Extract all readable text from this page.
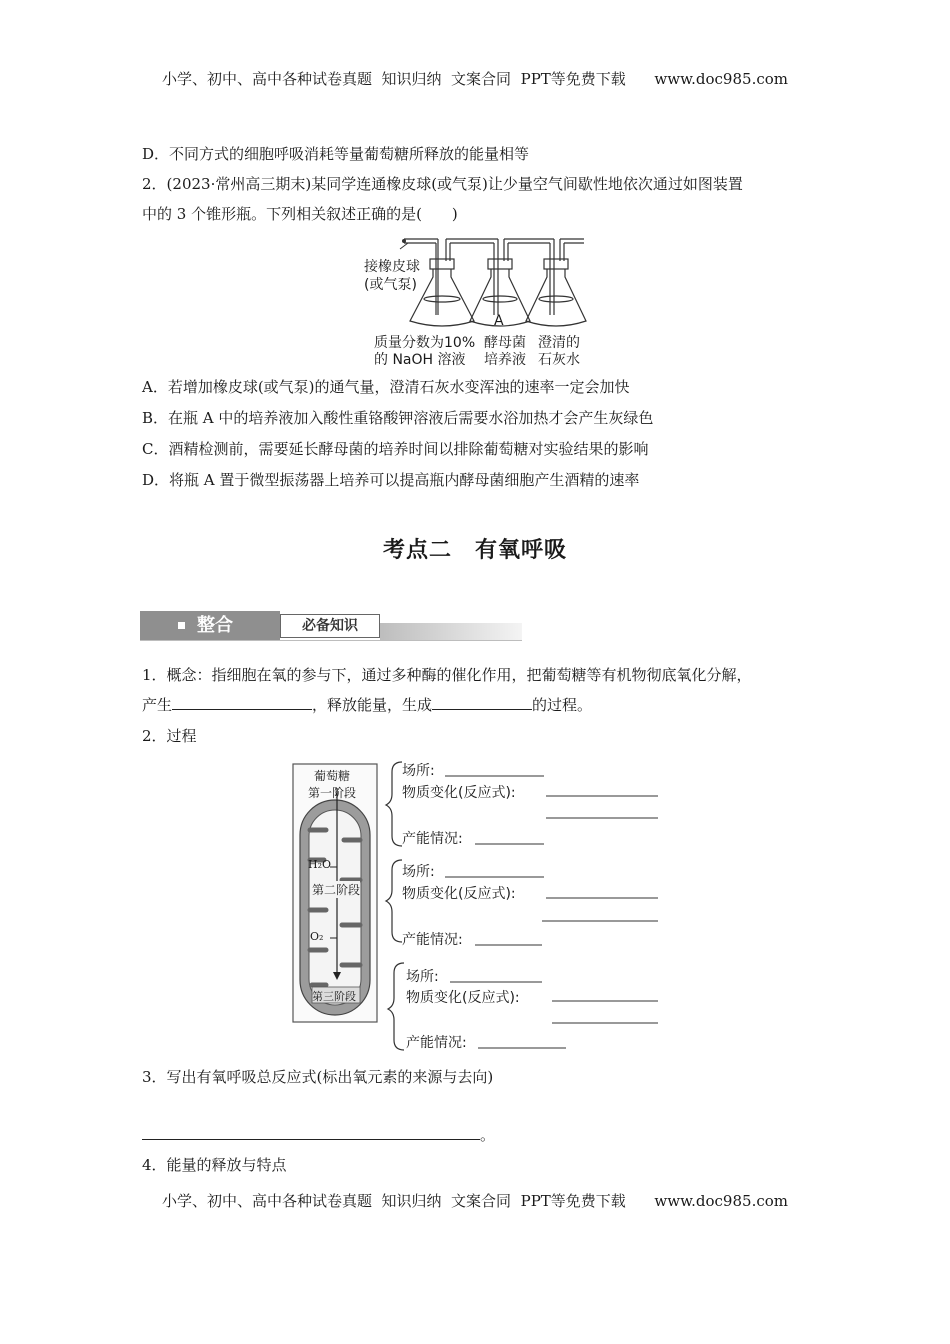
小学、初中、高中各种试卷真题  知识归纳  文案合同  PPT等免费下载      www.doc985.com
D．不同方式的细胞呼吸消耗等量葡萄糖所释放的能量相等
2．(2023·常州高三期末)某同学连通橡皮球(或气泵)让少量空气间歇性地依次通过如图装置
中的 3 个锥形瓶。下列相关叙述正确的是(　　)
接橡皮球
(或气泵)
A
质量分数为10%
的 NaOH 溶液
酵母菌
培养液
澄清的
石灰水
A．若增加橡皮球(或气泵)的通气量，澄清石灰水变浑浊的速率一定会加快
B．在瓶 A 中的培养液加入酸性重铬酸钾溶液后需要水浴加热才会产生灰绿色
C．酒精检测前，需要延长酵母菌的培养时间以排除葡萄糖对实验结果的影响
D．将瓶 A 置于微型振荡器上培养可以提高瓶内酵母菌细胞产生酒精的速率
考点二　有氧呼吸
整合	必备知识
1．概念：指细胞在氧的参与下，通过多种酶的催化作用，把葡萄糖等有机物彻底氧化分解，
产生	，释放能量，生成	的过程。
2．过程
葡萄糖
第一阶段
H₂O
第二阶段
O₂
第三阶段
场所:
物质变化(反应式):
产能情况:
场所:
物质变化(反应式):
产能情况:
场所:
物质变化(反应式):
产能情况:
3．写出有氧呼吸总反应式(标出氧元素的来源与去向)
。
4．能量的释放与特点
小学、初中、高中各种试卷真题  知识归纳  文案合同  PPT等免费下载      www.doc985.com
